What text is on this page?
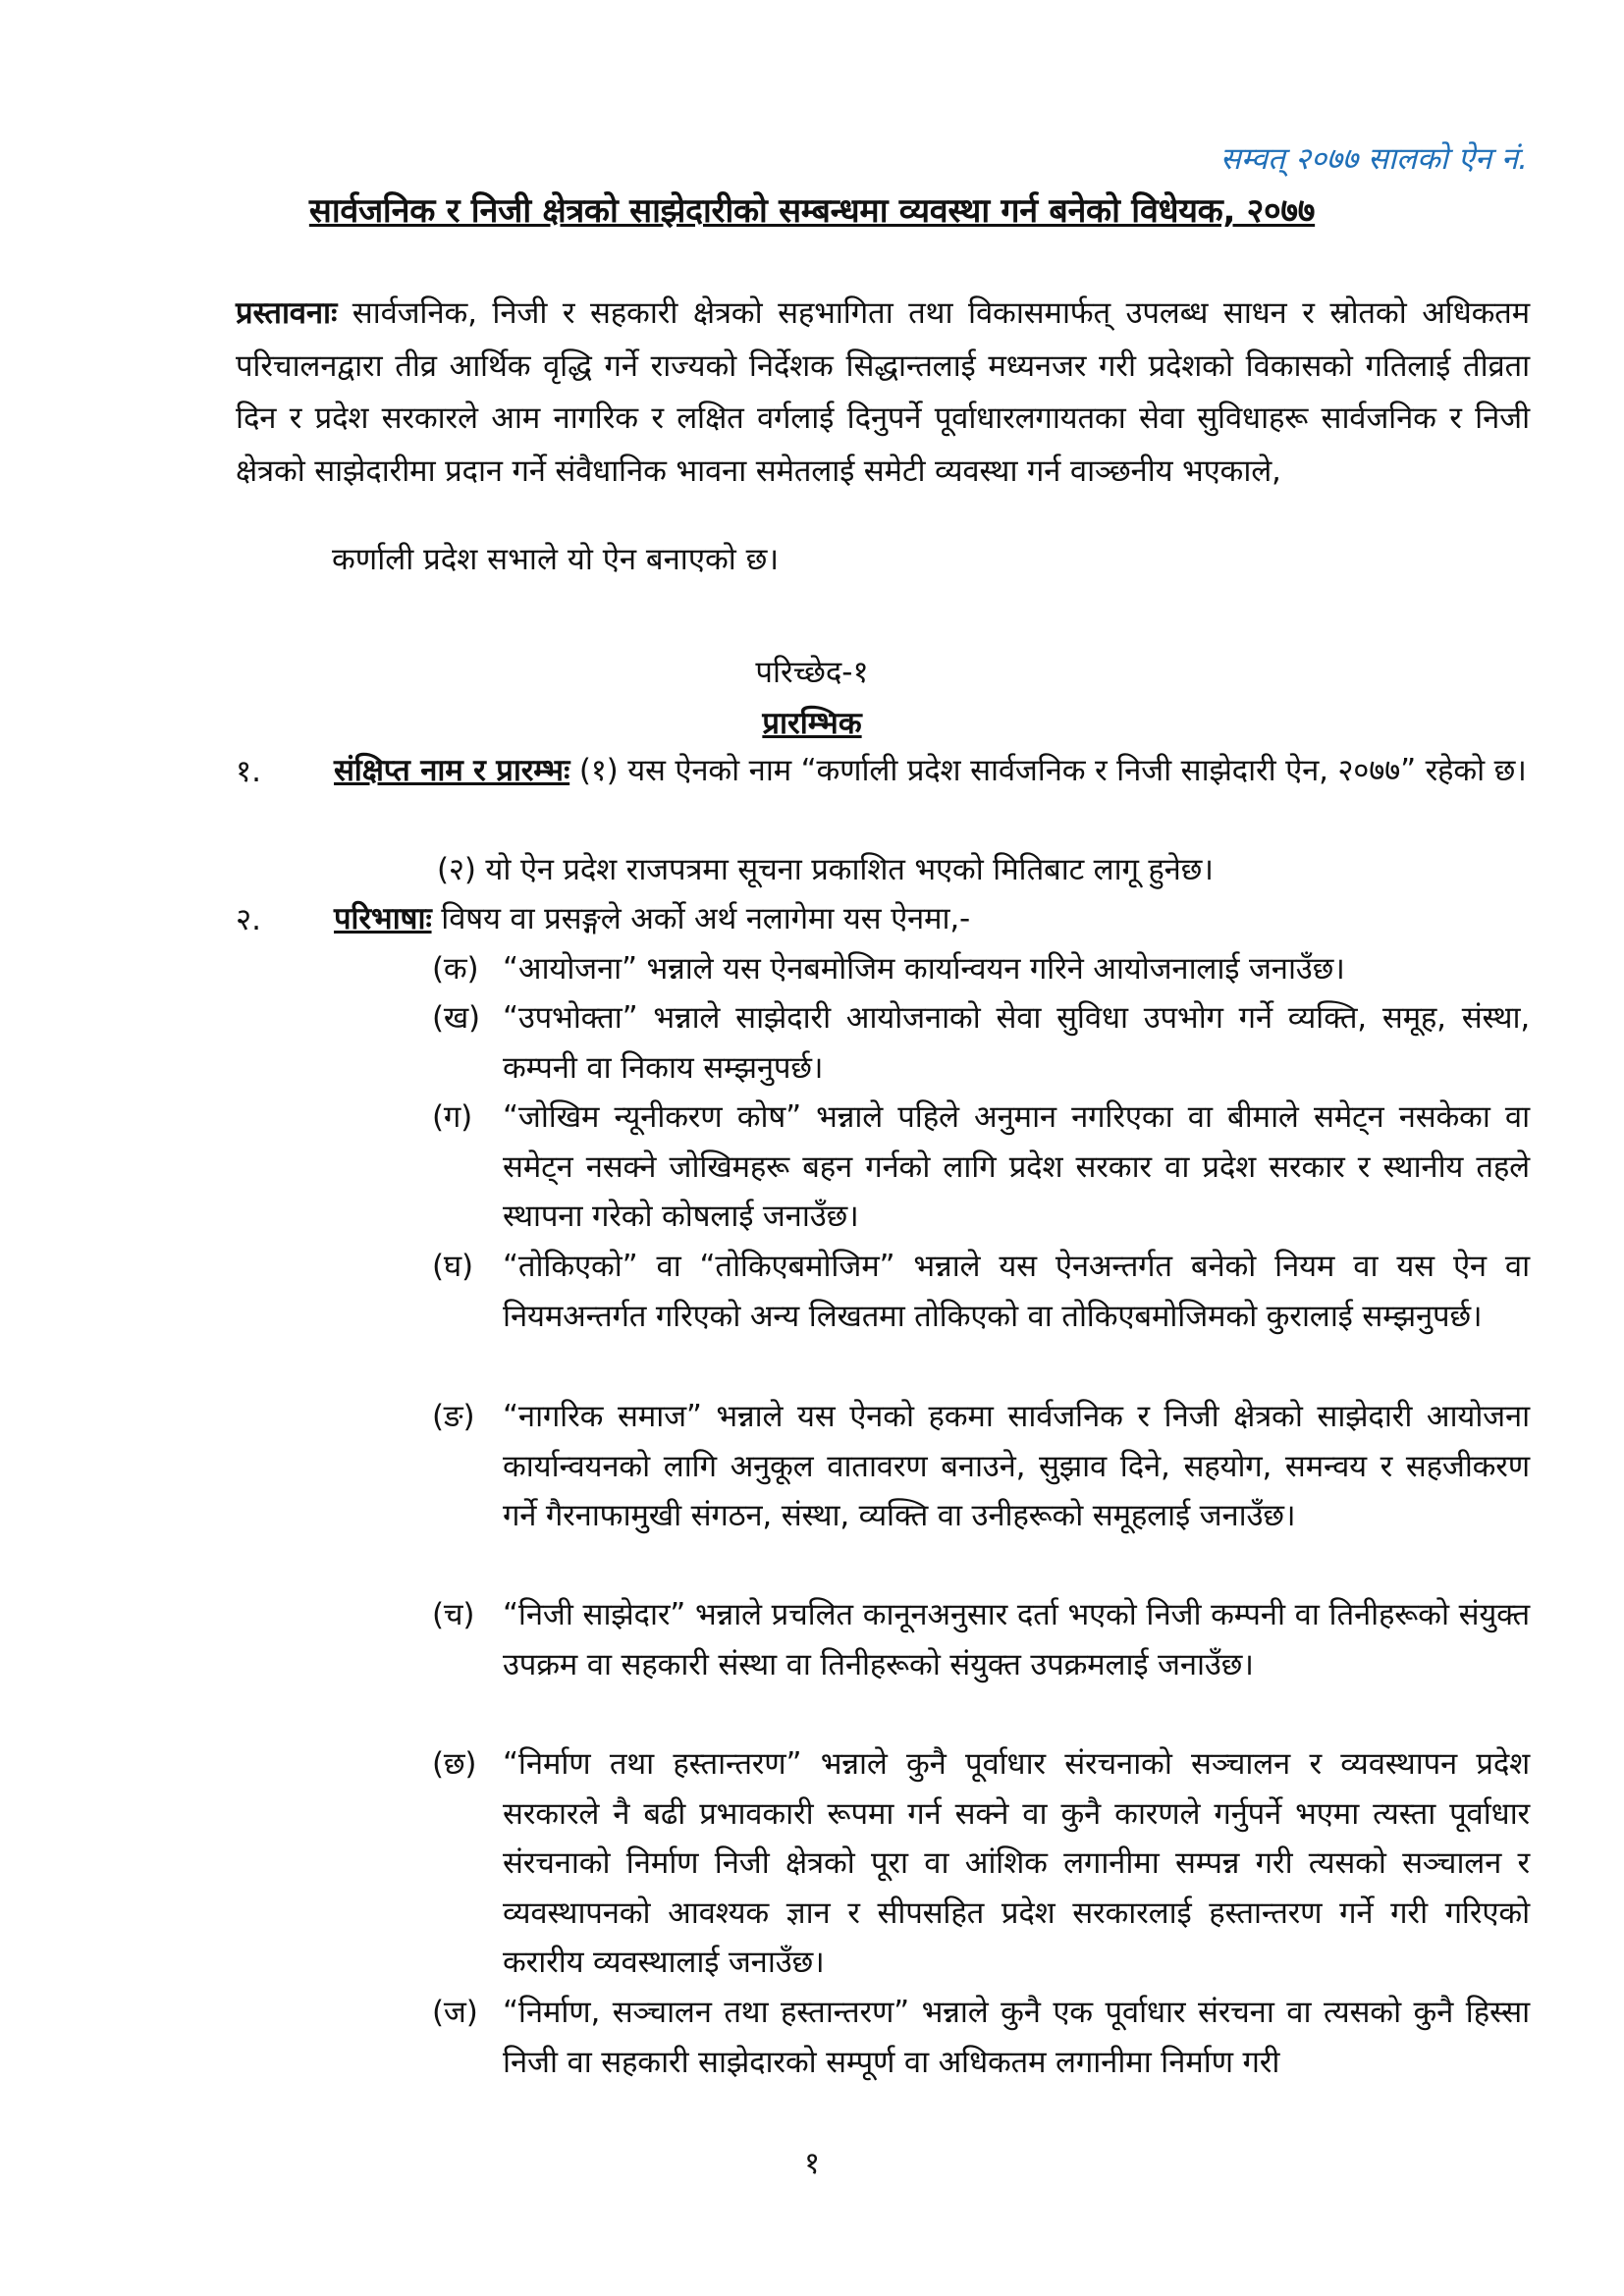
सम्वत् २०७७ सालको ऐन नं.
सार्वजनिक र निजी क्षेत्रको साझेदारीको सम्बन्धमा व्यवस्था गर्न बनेको विधेयक, २०७७
प्रस्तावनाः सार्वजनिक, निजी र सहकारी क्षेत्रको सहभागिता तथा विकासमार्फत् उपलब्ध साधन र स्रोतको अधिकतम परिचालनद्वारा तीव्र आर्थिक वृद्धि गर्ने राज्यको निर्देशक सिद्धान्तलाई मध्यनजर गरी प्रदेशको विकासको गतिलाई तीव्रता दिन र प्रदेश सरकारले आम नागरिक र लक्षित वर्गलाई दिनुपर्ने पूर्वाधारलगायतका सेवा सुविधाहरू सार्वजनिक र निजी क्षेत्रको साझेदारीमा प्रदान गर्ने संवैधानिक भावना समेतलाई समेटी व्यवस्था गर्न वाञ्छनीय भएकाले,
कर्णाली प्रदेश सभाले यो ऐन बनाएको छ।
परिच्छेद-१
प्रारम्भिक
१. संक्षिप्त नाम र प्रारम्भः (१) यस ऐनको नाम “कर्णाली प्रदेश सार्वजनिक र निजी साझेदारी ऐन, २०७७” रहेको छ।
(२) यो ऐन प्रदेश राजपत्रमा सूचना प्रकाशित भएको मितिबाट लागू हुनेछ।
२. परिभाषाः विषय वा प्रसङ्गले अर्को अर्थ नलागेमा यस ऐनमा,-
(क) “आयोजना” भन्नाले यस ऐनबमोजिम कार्यान्वयन गरिने आयोजनालाई जनाउँछ।
(ख) “उपभोक्ता” भन्नाले साझेदारी आयोजनाको सेवा सुविधा उपभोग गर्ने व्यक्ति, समूह, संस्था, कम्पनी वा निकाय सम्झनुपर्छ।
(ग) “जोखिम न्यूनीकरण कोष” भन्नाले पहिले अनुमान नगरिएका वा बीमाले समेट्न नसकेका वा समेट्न नसक्ने जोखिमहरू बहन गर्नको लागि प्रदेश सरकार वा प्रदेश सरकार र स्थानीय तहले स्थापना गरेको कोषलाई जनाउँछ।
(घ) “तोकिएको” वा “तोकिएबमोजिम” भन्नाले यस ऐनअन्तर्गत बनेको नियम वा यस ऐन वा नियमअन्तर्गत गरिएको अन्य लिखतमा तोकिएको वा तोकिएबमोजिमको कुरालाई सम्झनुपर्छ।
(ङ) “नागरिक समाज” भन्नाले यस ऐनको हकमा सार्वजनिक र निजी क्षेत्रको साझेदारी आयोजना कार्यान्वयनको लागि अनुकूल वातावरण बनाउने, सुझाव दिने, सहयोग, समन्वय र सहजीकरण गर्ने गैरनाफामुखी संगठन, संस्था, व्यक्ति वा उनीहरूको समूहलाई जनाउँछ।
(च) “निजी साझेदार” भन्नाले प्रचलित कानूनअनुसार दर्ता भएको निजी कम्पनी वा तिनीहरूको संयुक्त उपक्रम वा सहकारी संस्था वा तिनीहरूको संयुक्त उपक्रमलाई जनाउँछ।
(छ) “निर्माण तथा हस्तान्तरण” भन्नाले कुनै पूर्वाधार संरचनाको सञ्चालन र व्यवस्थापन प्रदेश सरकारले नै बढी प्रभावकारी रूपमा गर्न सक्ने वा कुनै कारणले गर्नुपर्ने भएमा त्यस्ता पूर्वाधार संरचनाको निर्माण निजी क्षेत्रको पूरा वा आंशिक लगानीमा सम्पन्न गरी त्यसको सञ्चालन र व्यवस्थापनको आवश्यक ज्ञान र सीपसहित प्रदेश सरकारलाई हस्तान्तरण गर्ने गरी गरिएको करारीय व्यवस्थालाई जनाउँछ।
(ज) “निर्माण, सञ्चालन तथा हस्तान्तरण” भन्नाले कुनै एक पूर्वाधार संरचना वा त्यसको कुनै हिस्सा निजी वा सहकारी साझेदारको सम्पूर्ण वा अधिकतम लगानीमा निर्माण गरी
१
